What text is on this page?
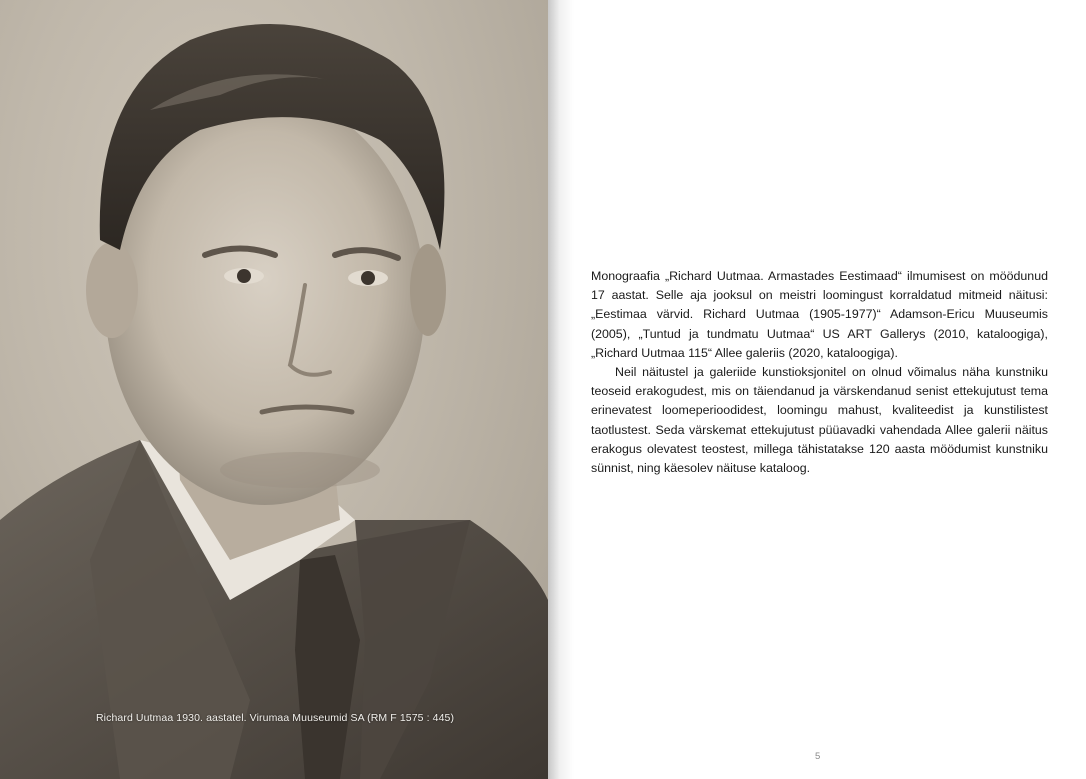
Richard Uutmaa 1930. aastatel. Virumaa Muuseumid SA (RM F 1575 : 445)

Monograafia „Richard Uutmaa. Armastades Eestimaad“ ilmumisest on möödunud 17 aastat. Selle aja jooksul on meistri loomingust korraldatud mitmeid näitusi: „Eestimaa värvid. Richard Uutmaa (1905-1977)“ Adamson-Ericu Muuseumis (2005), „Tuntud ja tundmatu Uutmaa“ US ART Gallerys (2010, kataloogiga), „Richard Uutmaa 115“ Allee galeriis (2020, kataloogiga).

Neil näitustel ja galeriide kunstioksjonitel on olnud võimalus näha kunstniku teoseid erakogudest, mis on täiendanud ja värskendanud senist ettekujutust tema erinevatest loomeperioodidest, loomingu mahust, kvaliteedist ja kunstilistest taotlustest. Seda värskemat ettekujutust püüavadki vahendada Allee galerii näitus erakogus olevatest teostest, millega tähistatakse 120 aasta möödumist kunstniku sünnist, ning käesolev näituse kataloog.

5
